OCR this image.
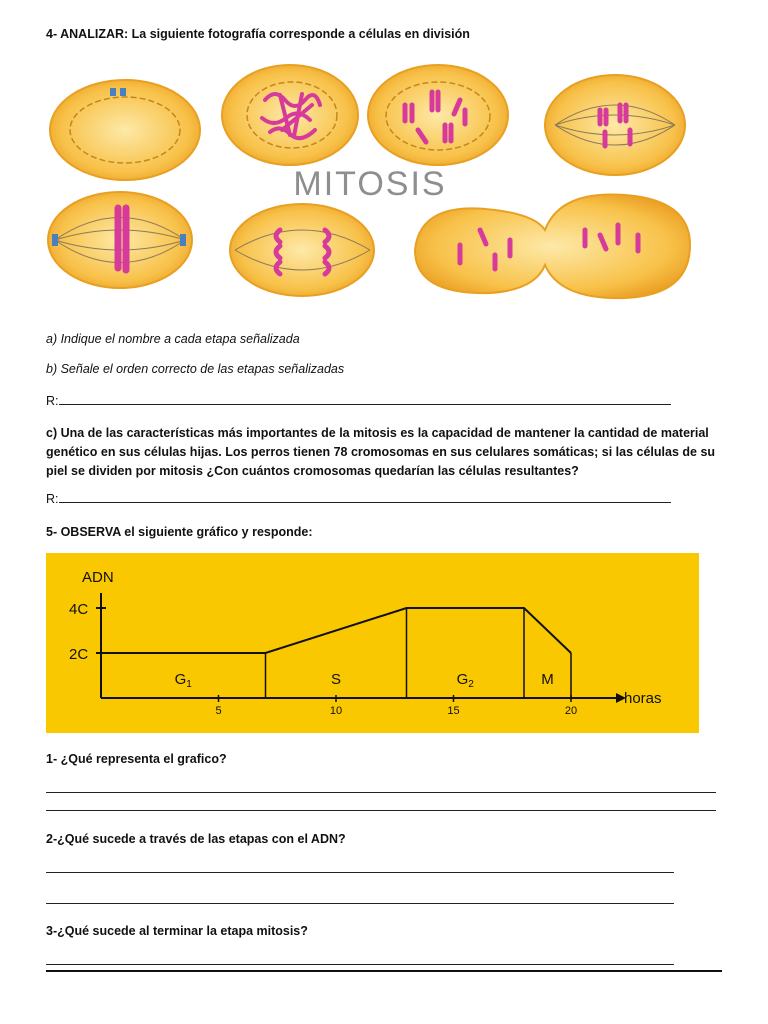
4- ANALIZAR: La siguiente fotografía corresponde a células en división
MITOSIS
a) Indique el nombre a cada etapa señalizada
b) Señale el orden correcto de las etapas señalizadas
R:
c) Una de las características más importantes de la mitosis es la capacidad de mantener la cantidad de material genético en sus células hijas. Los perros tienen 78 cromosomas en sus celulares somáticas; si las células de su piel se dividen por mitosis ¿Con cuántos cromosomas quedarían las células resultantes?
R:
5- OBSERVA el siguiente gráfico y responde:
ADN
horas
2C
4C
5	10	15	20
$G_1$	S	$G_2$	M
1- ¿Qué representa el grafico?
2-¿Qué sucede a través de las etapas con el ADN?
3-¿Qué sucede al terminar la etapa mitosis?
